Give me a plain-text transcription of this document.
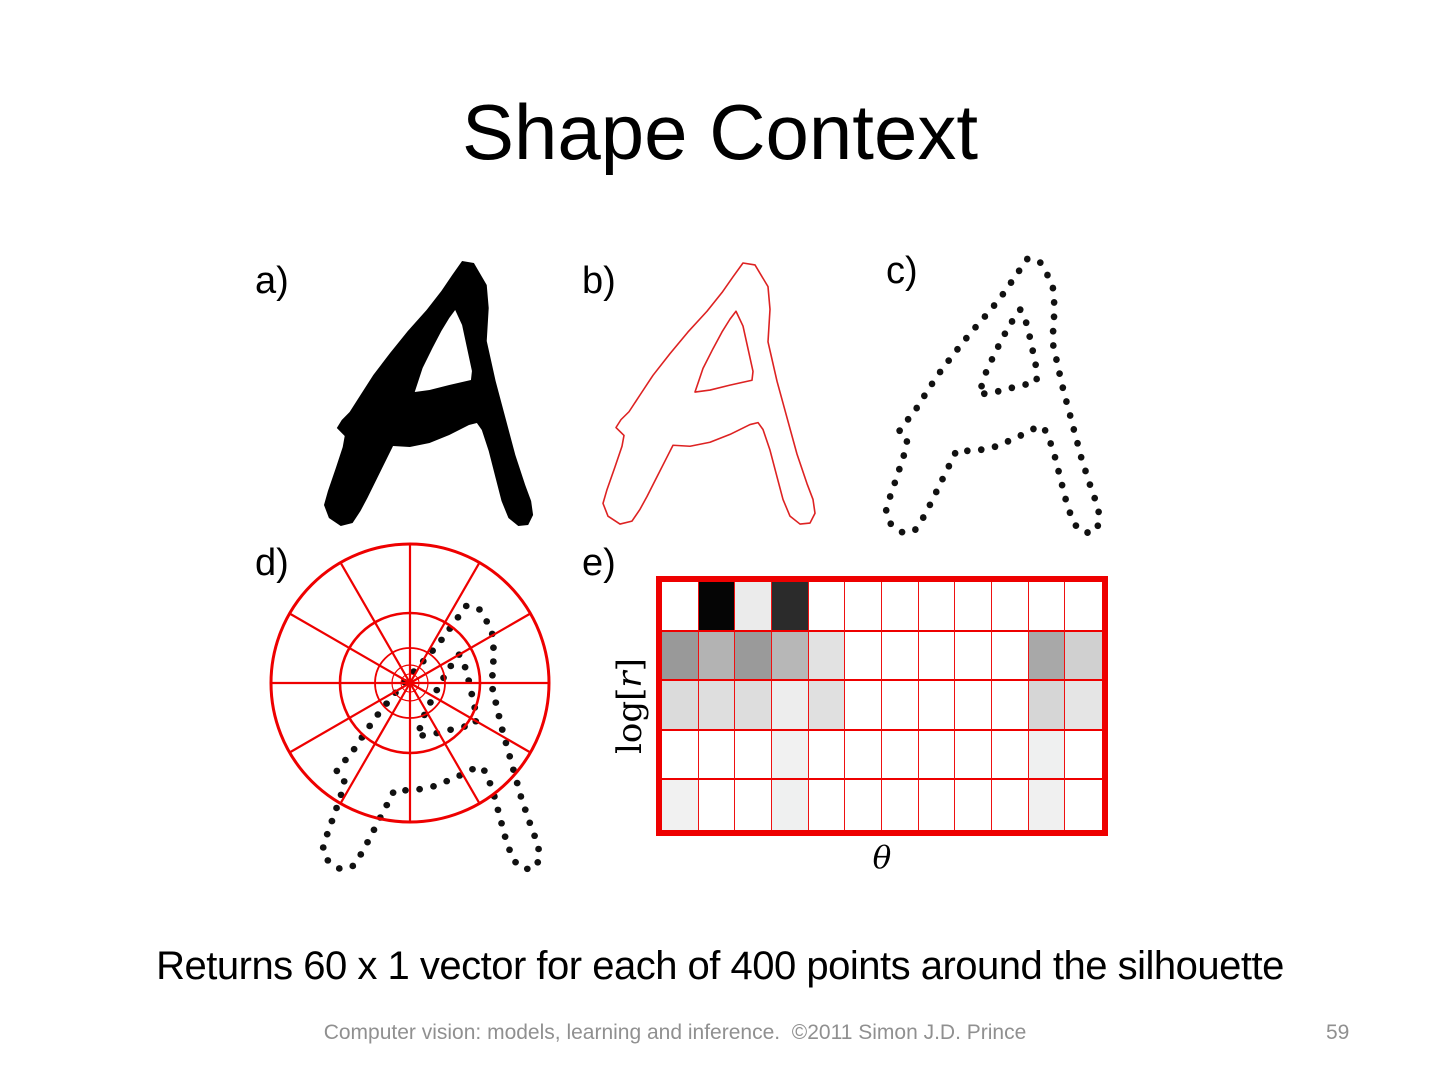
Shape Context
a)	b)	c)
d)	e)
log[r]
θ
Returns 60 x 1 vector for each of 400 points around the silhouette
Computer vision: models, learning and inference.  ©2011 Simon J.D. Prince	59
